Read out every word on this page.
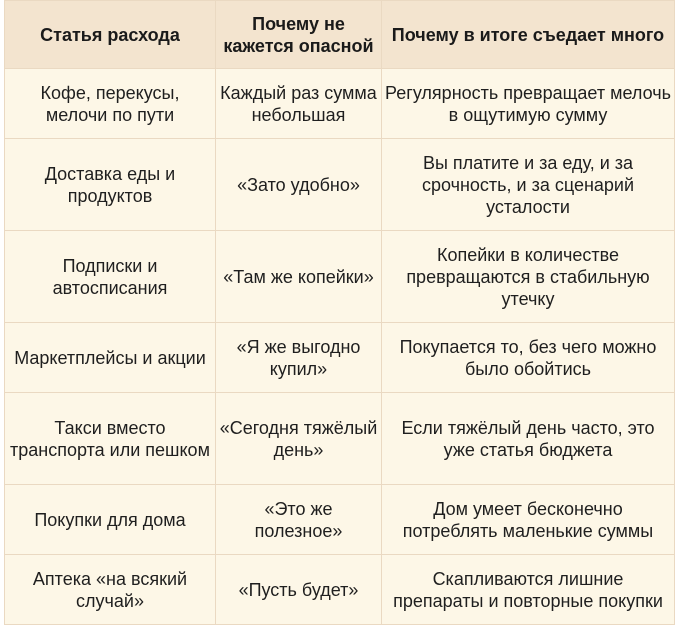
Статья расхода	Почему не кажется опасной	Почему в итоге съедает много
Кофе, перекусы, мелочи по пути	Каждый раз сумма небольшая	Регулярность превращает мелочь в ощутимую сумму
Доставка еды и продуктов	«Зато удобно»	Вы платите и за еду, и за срочность, и за сценарий усталости
Подписки и автосписания	«Там же копейки»	Копейки в количестве превращаются в стабильную утечку
Маркетплейсы и акции	«Я же выгодно купил»	Покупается то, без чего можно было обойтись
Такси вместо транспорта или пешком	«Сегодня тяжёлый день»	Если тяжёлый день часто, это уже статья бюджета
Покупки для дома	«Это же полезное»	Дом умеет бесконечно потреблять маленькие суммы
Аптека «на всякий случай»	«Пусть будет»	Скапливаются лишние препараты и повторные покупки
